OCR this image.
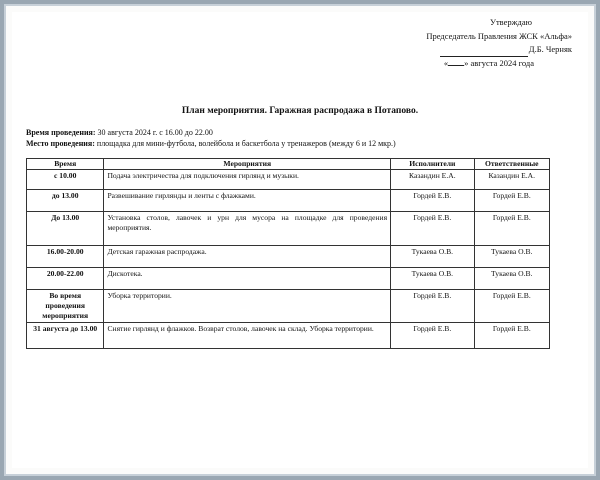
Утверждаю
Председатель Правления ЖСК «Альфа»
Д.Б. Черняк
« » августа 2024 года
План мероприятия. Гаражная распродажа в Потапово.
Время проведения: 30 августа 2024 г. с 16.00 до 22.00
Место проведения: площадка для мини-футбола, волейбола и баскетбола у тренажеров (между 6 и 12 мкр.)
Время	Мероприятия	Исполнители	Ответственные
с 10.00	Подача электричества для подключения гирлянд и музыки.	Казандин Е.А.	Казандин Е.А.
до 13.00	Развешивание гирлянды и ленты с флажками.	Гордей Е.В.	Гордей Е.В.
До 13.00	Установка столов, лавочек и урн для мусора на площадке для проведения мероприятия.	Гордей Е.В.	Гордей Е.В.
16.00-20.00	Детская гаражная распродажа.	Тукаева О.В.	Тукаева О.В.
20.00-22.00	Дискотека.	Тукаева О.В.	Тукаева О.В.
Во время проведения мероприятия	Уборка территории.	Гордей Е.В.	Гордей Е.В.
31 августа до 13.00	Снятие гирлянд и флажков. Возврат столов, лавочек на склад. Уборка территории.	Гордей Е.В.	Гордей Е.В.
